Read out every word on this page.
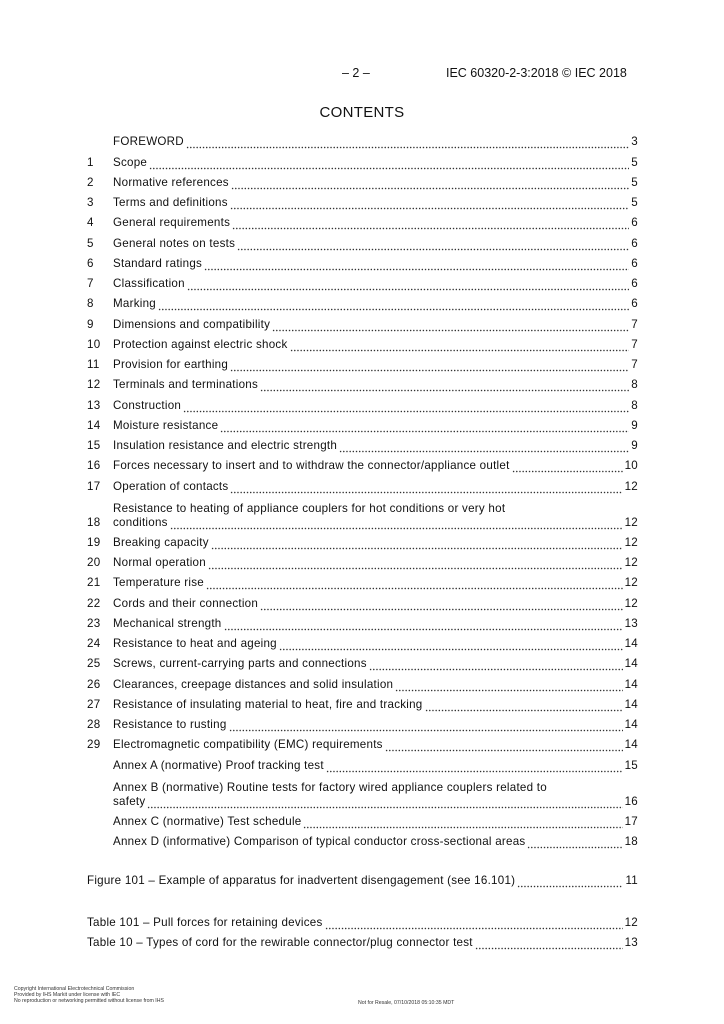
– 2 –	IEC 60320-2-3:2018 © IEC 2018
CONTENTS
FOREWORD	3
1	Scope	5
2	Normative references	5
3	Terms and definitions	5
4	General requirements	6
5	General notes on tests	6
6	Standard ratings	6
7	Classification	6
8	Marking	6
9	Dimensions and compatibility	7
10	Protection against electric shock	7
11	Provision for earthing	7
12	Terminals and terminations	8
13	Construction	8
14	Moisture resistance	9
15	Insulation resistance and electric strength	9
16	Forces necessary to insert and to withdraw the connector/appliance outlet	10
17	Operation of contacts	12
18
Resistance to heating of appliance couplers for hot conditions or very hot
conditions	12
19	Breaking capacity	12
20	Normal operation	12
21	Temperature rise	12
22	Cords and their connection	12
23	Mechanical strength	13
24	Resistance to heat and ageing	14
25	Screws, current-carrying parts and connections	14
26	Clearances, creepage distances and solid insulation	14
27	Resistance of insulating material to heat, fire and tracking	14
28	Resistance to rusting	14
29	Electromagnetic compatibility (EMC) requirements	14
Annex A (normative) Proof tracking test	15
Annex B (normative) Routine tests for factory wired appliance couplers related to
safety	16
Annex C (normative) Test schedule	17
Annex D (informative) Comparison of typical conductor cross-sectional areas	18
Figure 101 – Example of apparatus for inadvertent disengagement (see 16.101)	11
Table 101 – Pull forces for retaining devices	12
Table 10 – Types of cord for the rewirable connector/plug connector test	13
Copyright International Electrotechnical Commission
Provided by IHS Markit under license with IEC
No reproduction or networking permitted without license from IHS	Not for Resale, 07/10/2018 05:10:35 MDT
